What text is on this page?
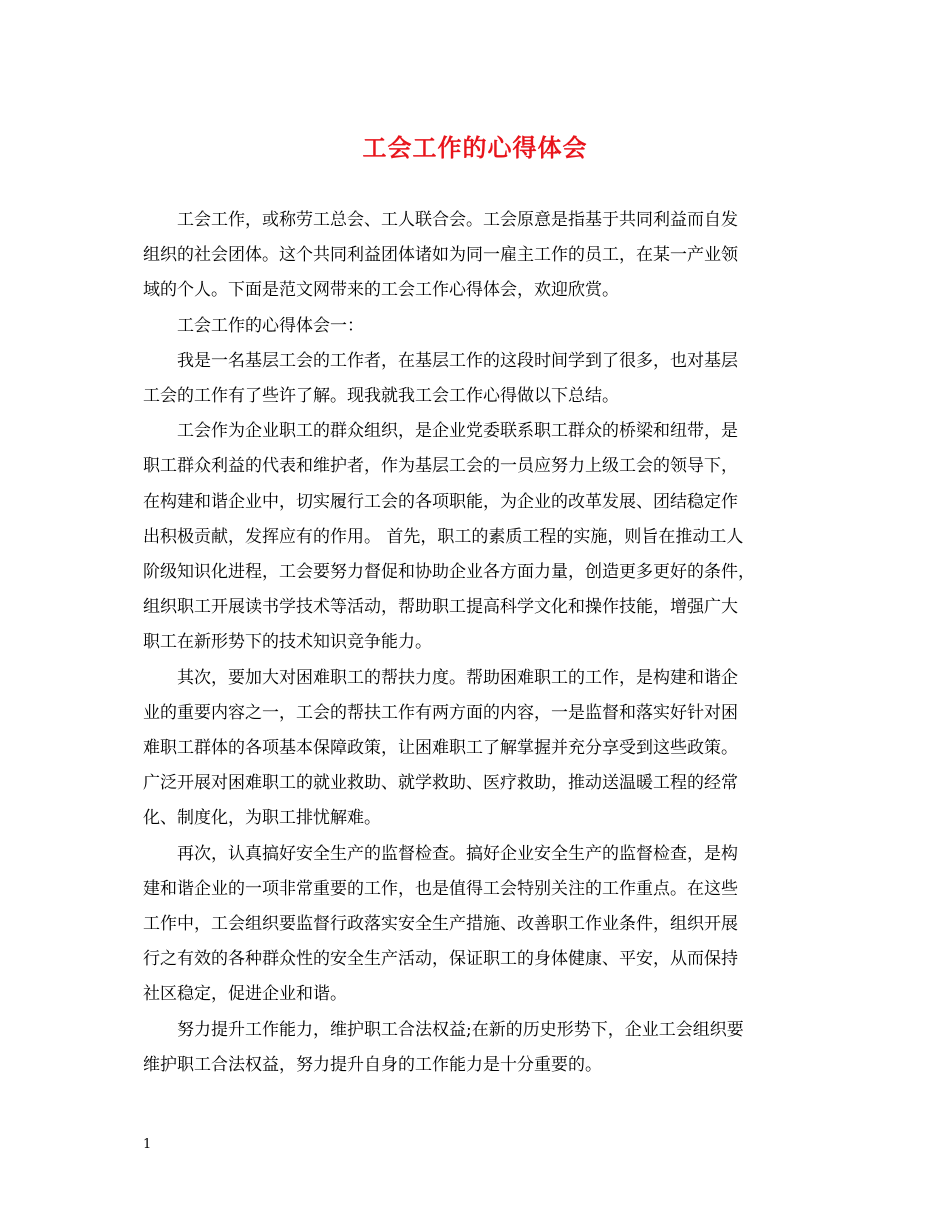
工会工作的心得体会
工会工作，或称劳工总会、工人联合会。工会原意是指基于共同利益而自发
组织的社会团体。这个共同利益团体诸如为同一雇主工作的员工，在某一产业领
域的个人。下面是范文网带来的工会工作心得体会，欢迎欣赏。
工会工作的心得体会一：
我是一名基层工会的工作者，在基层工作的这段时间学到了很多，也对基层
工会的工作有了些许了解。现我就我工会工作心得做以下总结。
工会作为企业职工的群众组织，是企业党委联系职工群众的桥梁和纽带，是
职工群众利益的代表和维护者，作为基层工会的一员应努力上级工会的领导下，
在构建和谐企业中，切实履行工会的各项职能，为企业的改革发展、团结稳定作
出积极贡献，发挥应有的作用。 首先，职工的素质工程的实施，则旨在推动工人
阶级知识化进程，工会要努力督促和协助企业各方面力量，创造更多更好的条件，
组织职工开展读书学技术等活动，帮助职工提高科学文化和操作技能，增强广大
职工在新形势下的技术知识竞争能力。
其次，要加大对困难职工的帮扶力度。帮助困难职工的工作，是构建和谐企
业的重要内容之一，工会的帮扶工作有两方面的内容，一是监督和落实好针对困
难职工群体的各项基本保障政策，让困难职工了解掌握并充分享受到这些政策。
广泛开展对困难职工的就业救助、就学救助、医疗救助，推动送温暖工程的经常
化、制度化，为职工排忧解难。
再次，认真搞好安全生产的监督检查。搞好企业安全生产的监督检查，是构
建和谐企业的一项非常重要的工作，也是值得工会特别关注的工作重点。在这些
工作中，工会组织要监督行政落实安全生产措施、改善职工作业条件，组织开展
行之有效的各种群众性的安全生产活动，保证职工的身体健康、平安，从而保持
社区稳定，促进企业和谐。
努力提升工作能力，维护职工合法权益;在新的历史形势下，企业工会组织要
维护职工合法权益，努力提升自身的工作能力是十分重要的。
1
